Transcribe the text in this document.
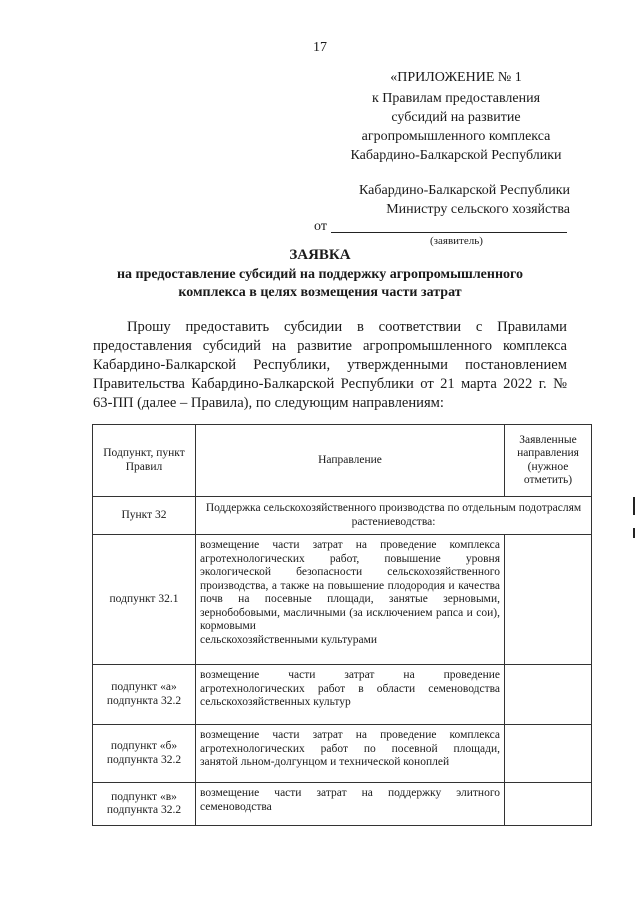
17
«ПРИЛОЖЕНИЕ № 1
к Правилам предоставления
субсидий на развитие
агропромышленного комплекса
Кабардино-Балкарской Республики
Кабардино-Балкарской Республики
Министру сельского хозяйства
от
(заявитель)
ЗАЯВКА
на предоставление субсидий на поддержку агропромышленного комплекса в целях возмещения части затрат
Прошу предоставить субсидии в соответствии с Правилами предоставления субсидий на развитие агропромышленного комплекса Кабардино-Балкарской Республики, утвержденными постановлением Правительства Кабардино-Балкарской Республики от 21 марта 2022 г. № 63-ПП (далее – Правила), по следующим направлениям:
Подпункт, пункт Правил	Направление	Заявленные направления (нужное отметить)
Пункт 32	Поддержка сельскохозяйственного производства по отдельным подотраслям растениеводства:	
подпункт 32.1	возмещение части затрат на проведение комплекса агротехнологических работ, повышение уровня экологической безопасности сельскохозяйственного производства, а также на повышение плодородия и качества почв на посевные площади, занятые зерновыми, зернобобовыми, масличными (за исключением рапса и сои), кормовыми
сельскохозяйственными культурами	

подпункт «а» подпункта 32.2	возмещение части затрат на проведение агротехнологических работ в области семеноводства
сельскохозяйственных культур	

подпункт «б» подпункта 32.2	возмещение части затрат на проведение комплекса агротехнологических работ по посевной площади,
занятой льном-долгунцом и технической коноплей	

подпункт «в» подпункта 32.2	возмещение части затрат на поддержку элитного
семеноводства	
